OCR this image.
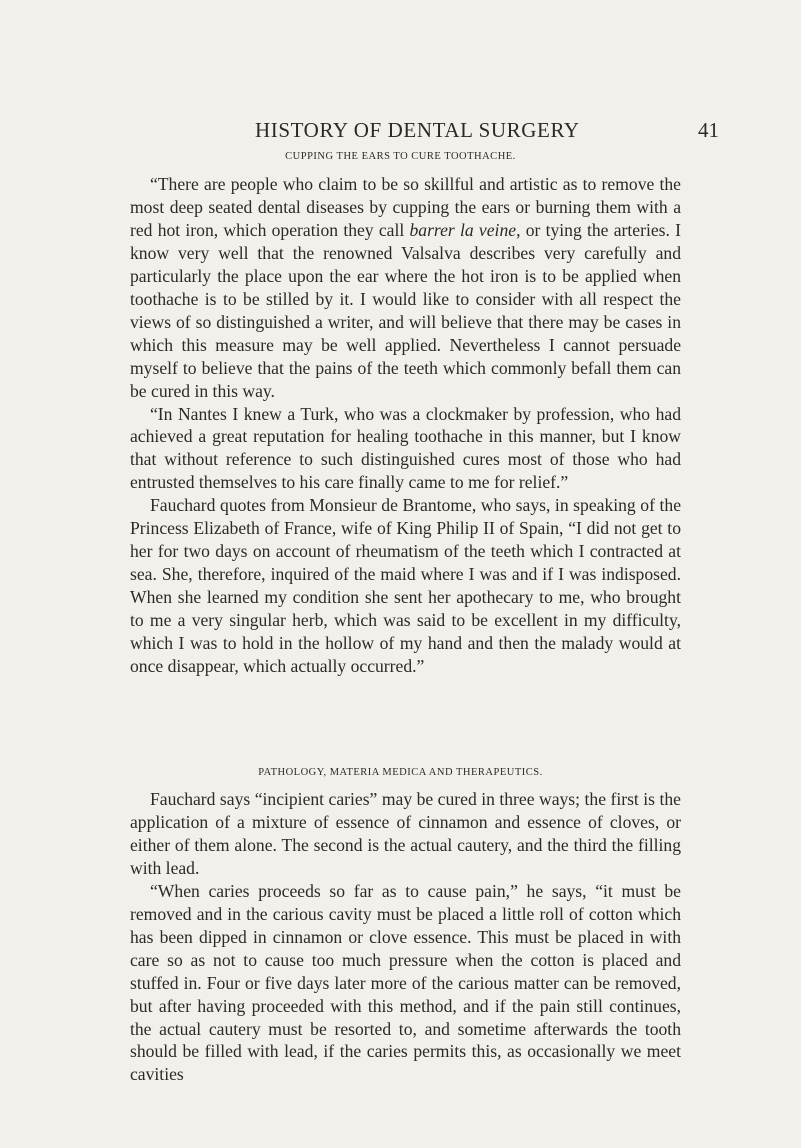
HISTORY OF DENTAL SURGERY	41
CUPPING THE EARS TO CURE TOOTHACHE.

“There are people who claim to be so skillful and artistic as to remove the most deep seated dental diseases by cupping the ears or burning them with a red hot iron, which operation they call barrer la veine, or tying the arteries. I know very well that the renowned Valsalva describes very carefully and particularly the place upon the ear where the hot iron is to be applied when toothache is to be stilled by it. I would like to consider with all respect the views of so distinguished a writer, and will believe that there may be cases in which this measure may be well applied. Nevertheless I cannot persuade myself to believe that the pains of the teeth which commonly befall them can be cured in this way.

“In Nantes I knew a Turk, who was a clockmaker by profession, who had achieved a great reputation for healing toothache in this manner, but I know that without reference to such distinguished cures most of those who had entrusted themselves to his care finally came to me for relief.”

Fauchard quotes from Monsieur de Brantome, who says, in speaking of the Princess Elizabeth of France, wife of King Philip II of Spain, “I did not get to her for two days on account of rheumatism of the teeth which I contracted at sea. She, therefore, inquired of the maid where I was and if I was indisposed. When she learned my condition she sent her apothecary to me, who brought to me a very singular herb, which was said to be excellent in my difficulty, which I was to hold in the hollow of my hand and then the malady would at once disappear, which actually occurred.”

PATHOLOGY, MATERIA MEDICA AND THERAPEUTICS.

Fauchard says “incipient caries” may be cured in three ways; the first is the application of a mixture of essence of cinnamon and essence of cloves, or either of them alone. The second is the actual cautery, and the third the filling with lead.

“When caries proceeds so far as to cause pain,” he says, “it must be removed and in the carious cavity must be placed a little roll of cotton which has been dipped in cinnamon or clove essence. This must be placed in with care so as not to cause too much pressure when the cotton is placed and stuffed in. Four or five days later more of the carious matter can be removed, but after having proceeded with this method, and if the pain still continues, the actual cautery must be resorted to, and sometime afterwards the tooth should be filled with lead, if the caries permits this, as occasionally we meet cavities
